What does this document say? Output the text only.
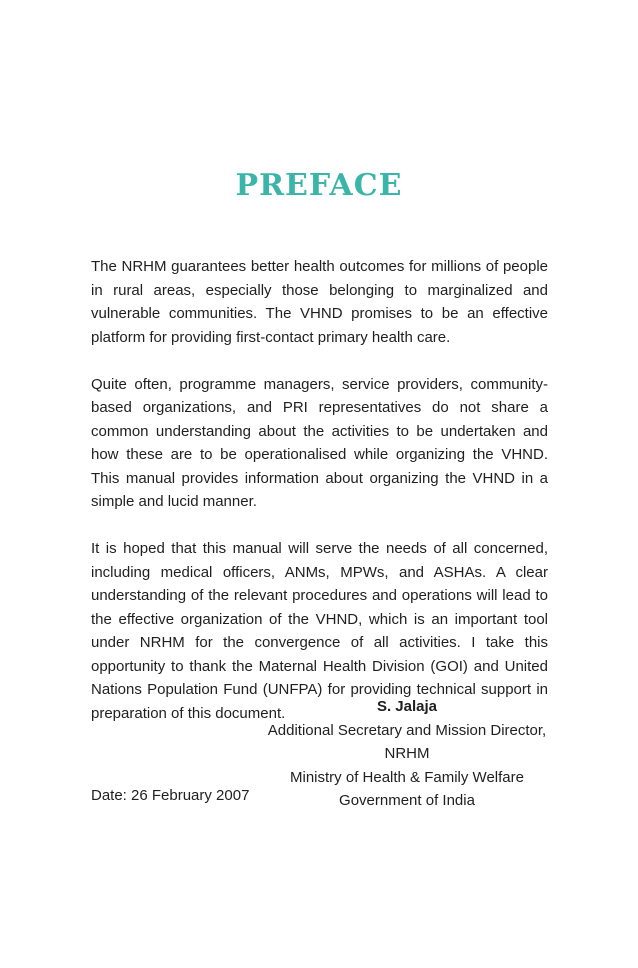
PREFACE

The NRHM guarantees better health outcomes for millions of people in rural areas, especially those belonging to marginalized and vulnerable communities. The VHND promises to be an effective platform for providing first-contact primary health care.

Quite often, programme managers, service providers, community-based organizations, and PRI representatives do not share a common understanding about the activities to be undertaken and how these are to be operationalised while organizing the VHND. This manual provides information about organizing the VHND in a simple and lucid manner.

It is hoped that this manual will serve the needs of all concerned, including medical officers, ANMs, MPWs, and ASHAs. A clear understanding of the relevant procedures and operations will lead to the effective organization of the VHND, which is an important tool under NRHM for the convergence of all activities. I take this opportunity to thank the Maternal Health Division (GOI) and United Nations Population Fund (UNFPA) for providing technical support in preparation of this document.	S. Jalaja
Additional Secretary and Mission Director,
NRHM
Ministry of Health & Family Welfare
Government of India
Date: 26 February 2007
